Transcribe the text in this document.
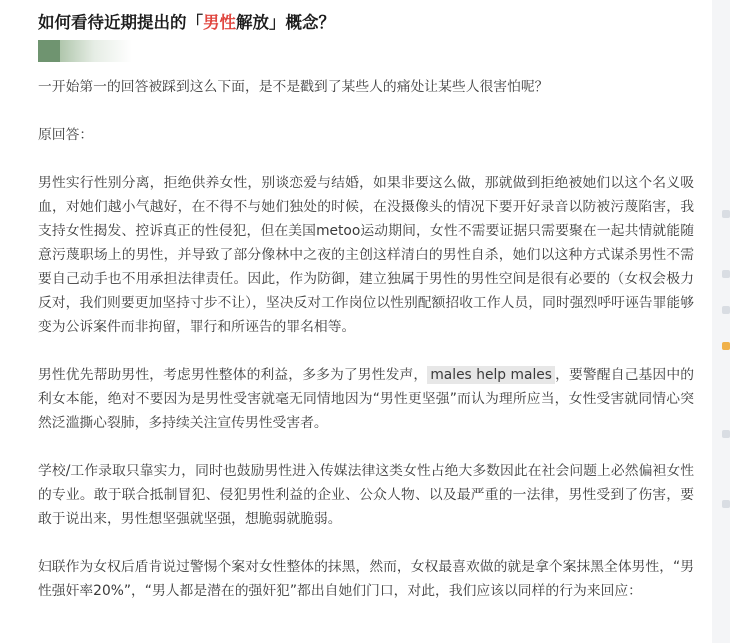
如何看待近期提出的「男性解放」概念？

一开始第一的回答被踩到这么下面，是不是戳到了某些人的痛处让某些人很害怕呢？

原回答：

男性实行性别分离，拒绝供养女性，别谈恋爱与结婚，如果非要这么做，那就做到拒绝被她们以这个名义吸血，对她们越小气越好，在不得不与她们独处的时候，在没摄像头的情况下要开好录音以防被污蔑陷害，我支持女性揭发、控诉真正的性侵犯，但在美国metoo运动期间，女性不需要证据只需要聚在一起共情就能随意污蔑职场上的男性，并导致了部分像林中之夜的主创这样清白的男性自杀，她们以这种方式谋杀男性不需要自己动手也不用承担法律责任。因此，作为防御，建立独属于男性的男性空间是很有必要的（女权会极力反对，我们则要更加坚持寸步不让），坚决反对工作岗位以性别配额招收工作人员，同时强烈呼吁诬告罪能够变为公诉案件而非拘留，罪行和所诬告的罪名相等。

男性优先帮助男性，考虑男性整体的利益，多多为了男性发声， males help males ，要警醒自己基因中的利女本能，绝对不要因为是男性受害就毫无同情地因为“男性更坚强”而认为理所应当，女性受害就同情心突然泛滥撕心裂肺，多持续关注宣传男性受害者。

学校/工作录取只靠实力，同时也鼓励男性进入传媒法律这类女性占绝大多数因此在社会问题上必然偏袒女性的专业。敢于联合抵制冒犯、侵犯男性利益的企业、公众人物、以及最严重的一法律，男性受到了伤害，要敢于说出来，男性想坚强就坚强，想脆弱就脆弱。

妇联作为女权后盾肯说过警惕个案对女性整体的抹黑，然而，女权最喜欢做的就是拿个案抹黑全体男性，“男性强奸率20%”，“男人都是潜在的强奸犯”都出自她们门口，对此，我们应该以同样的行为来回应：
